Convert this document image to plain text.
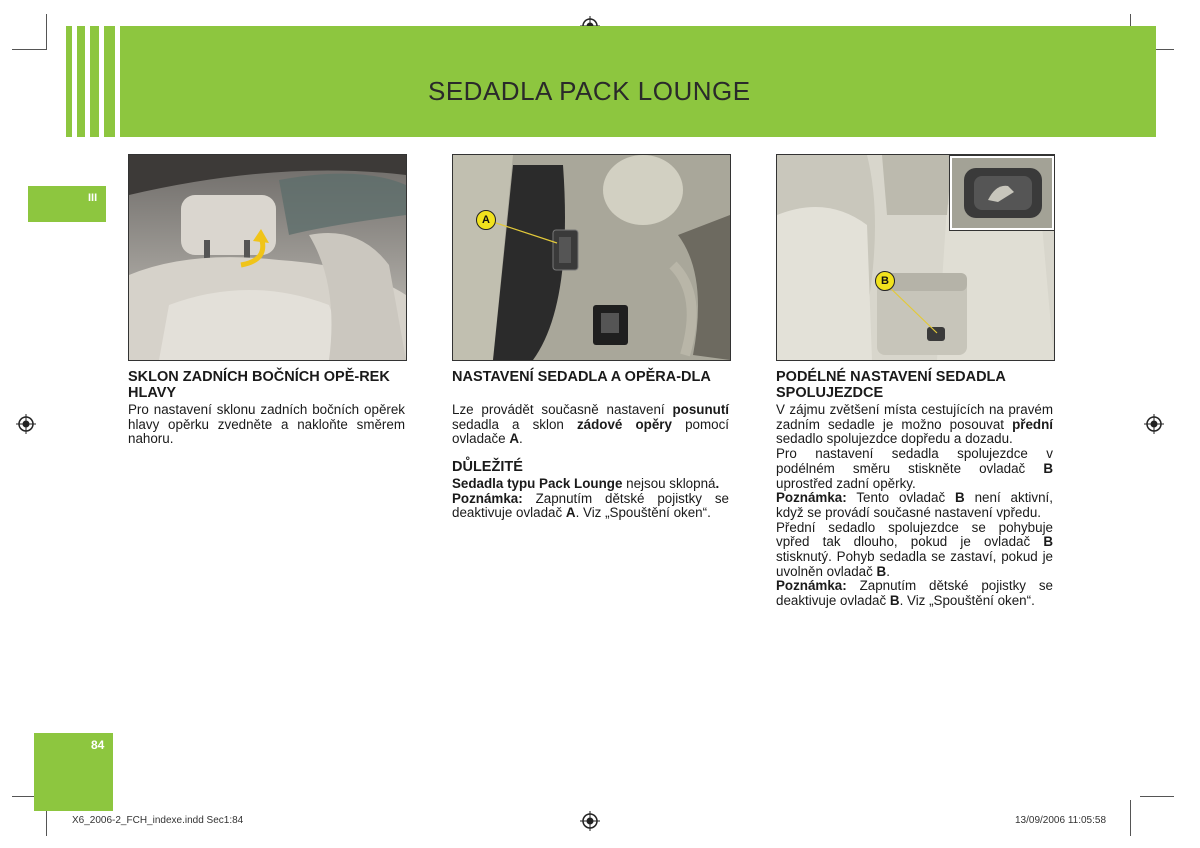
SEDADLA PACK LOUNGE
III
84
SKLON ZADNÍCH BOČNÍCH OPĚ-REK HLAVY

Pro nastavení sklonu zadních bočních opěrek hlavy opěrku zvedněte a nakloňte směrem nahoru.

A
NASTAVENÍ SEDADLA A OPĚRA-DLA

Lze provádět současně nastavení posunutí sedadla a sklon zádové opěry pomocí ovladače A.

DŮLEŽITÉ

Sedadla typu Pack Lounge nejsou sklopná.

Poznámka: Zapnutím dětské pojistky se deaktivuje ovladač A. Viz „Spouštění oken“.

B
PODÉLNÉ NASTAVENÍ SEDADLA SPOLUJEZDCE

V zájmu zvětšení místa cestujících na pravém zadním sedadle je možno posouvat přední sedadlo spolujezdce dopředu a dozadu.

Pro nastavení sedadla spolujezdce v podélném směru stiskněte ovladač B uprostřed zadní opěrky.

Poznámka: Tento ovladač B není aktivní, když se provádí současné nastavení vpředu.

Přední sedadlo spolujezdce se pohybuje vpřed tak dlouho, pokud je ovladač B stisknutý. Pohyb sedadla se zastaví, pokud je uvolněn ovladač B.

Poznámka: Zapnutím dětské pojistky se deaktivuje ovladač B. Viz „Spouštění oken“.

X6_2006-2_FCH_indexe.indd Sec1:84	13/09/2006 11:05:58
